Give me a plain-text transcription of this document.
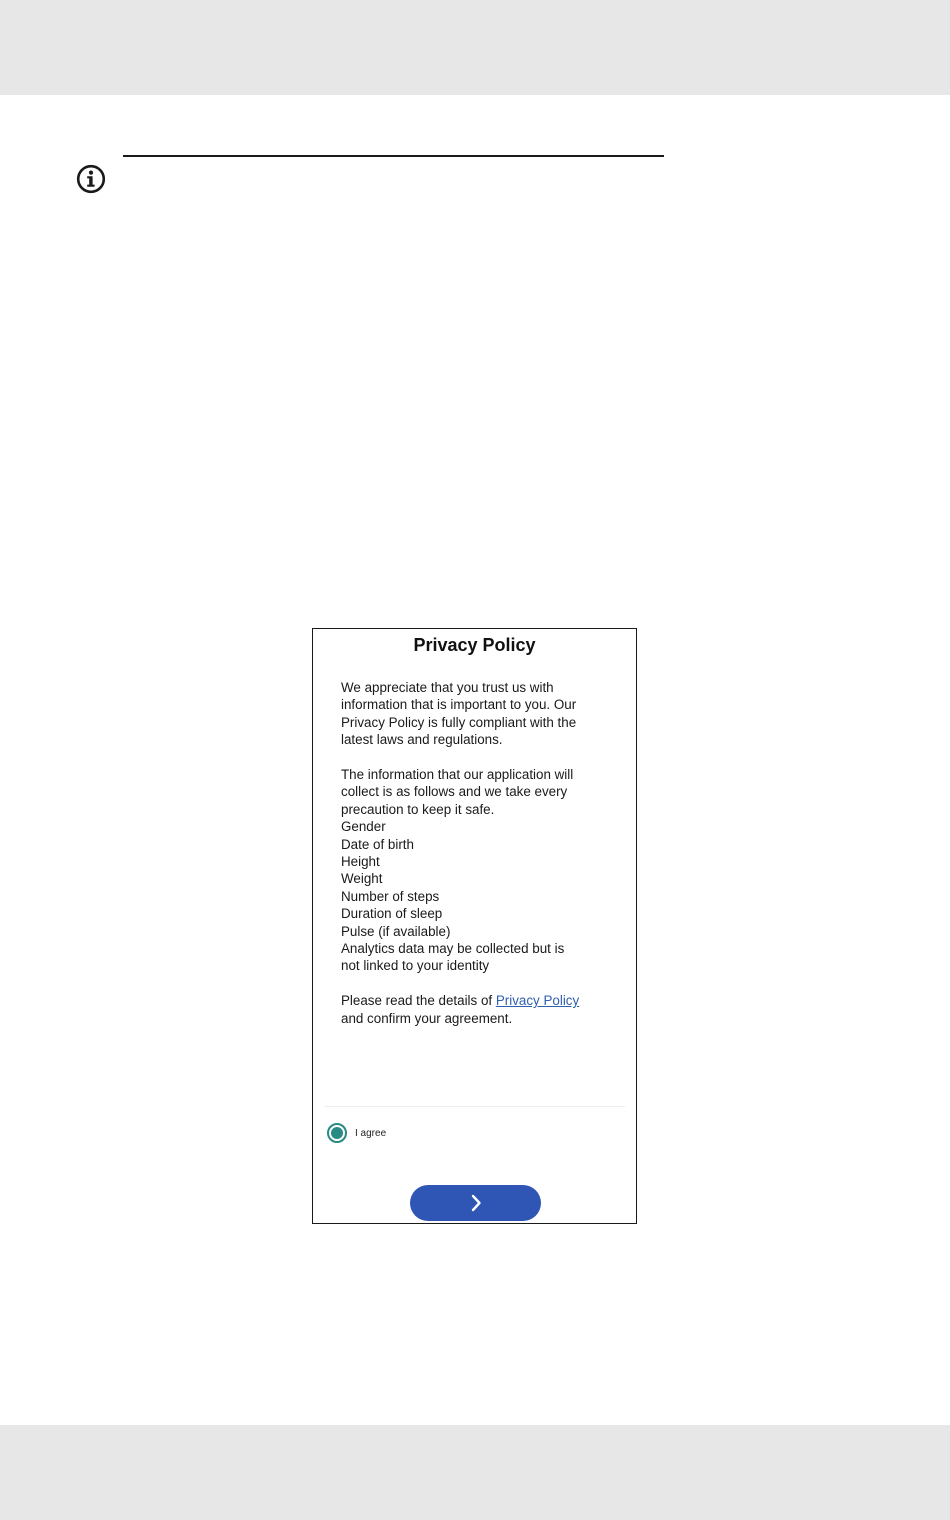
Privacy Policy
We appreciate that you trust us with
information that is important to you. Our
Privacy Policy is fully compliant with the
latest laws and regulations.
The information that our application will
collect is as follows and we take every
precaution to keep it safe.
Gender
Date of birth
Height
Weight
Number of steps
Duration of sleep
Pulse (if available)
Analytics data may be collected but is
not linked to your identity
Please read the details of Privacy Policy
and confirm your agreement.
I agree
